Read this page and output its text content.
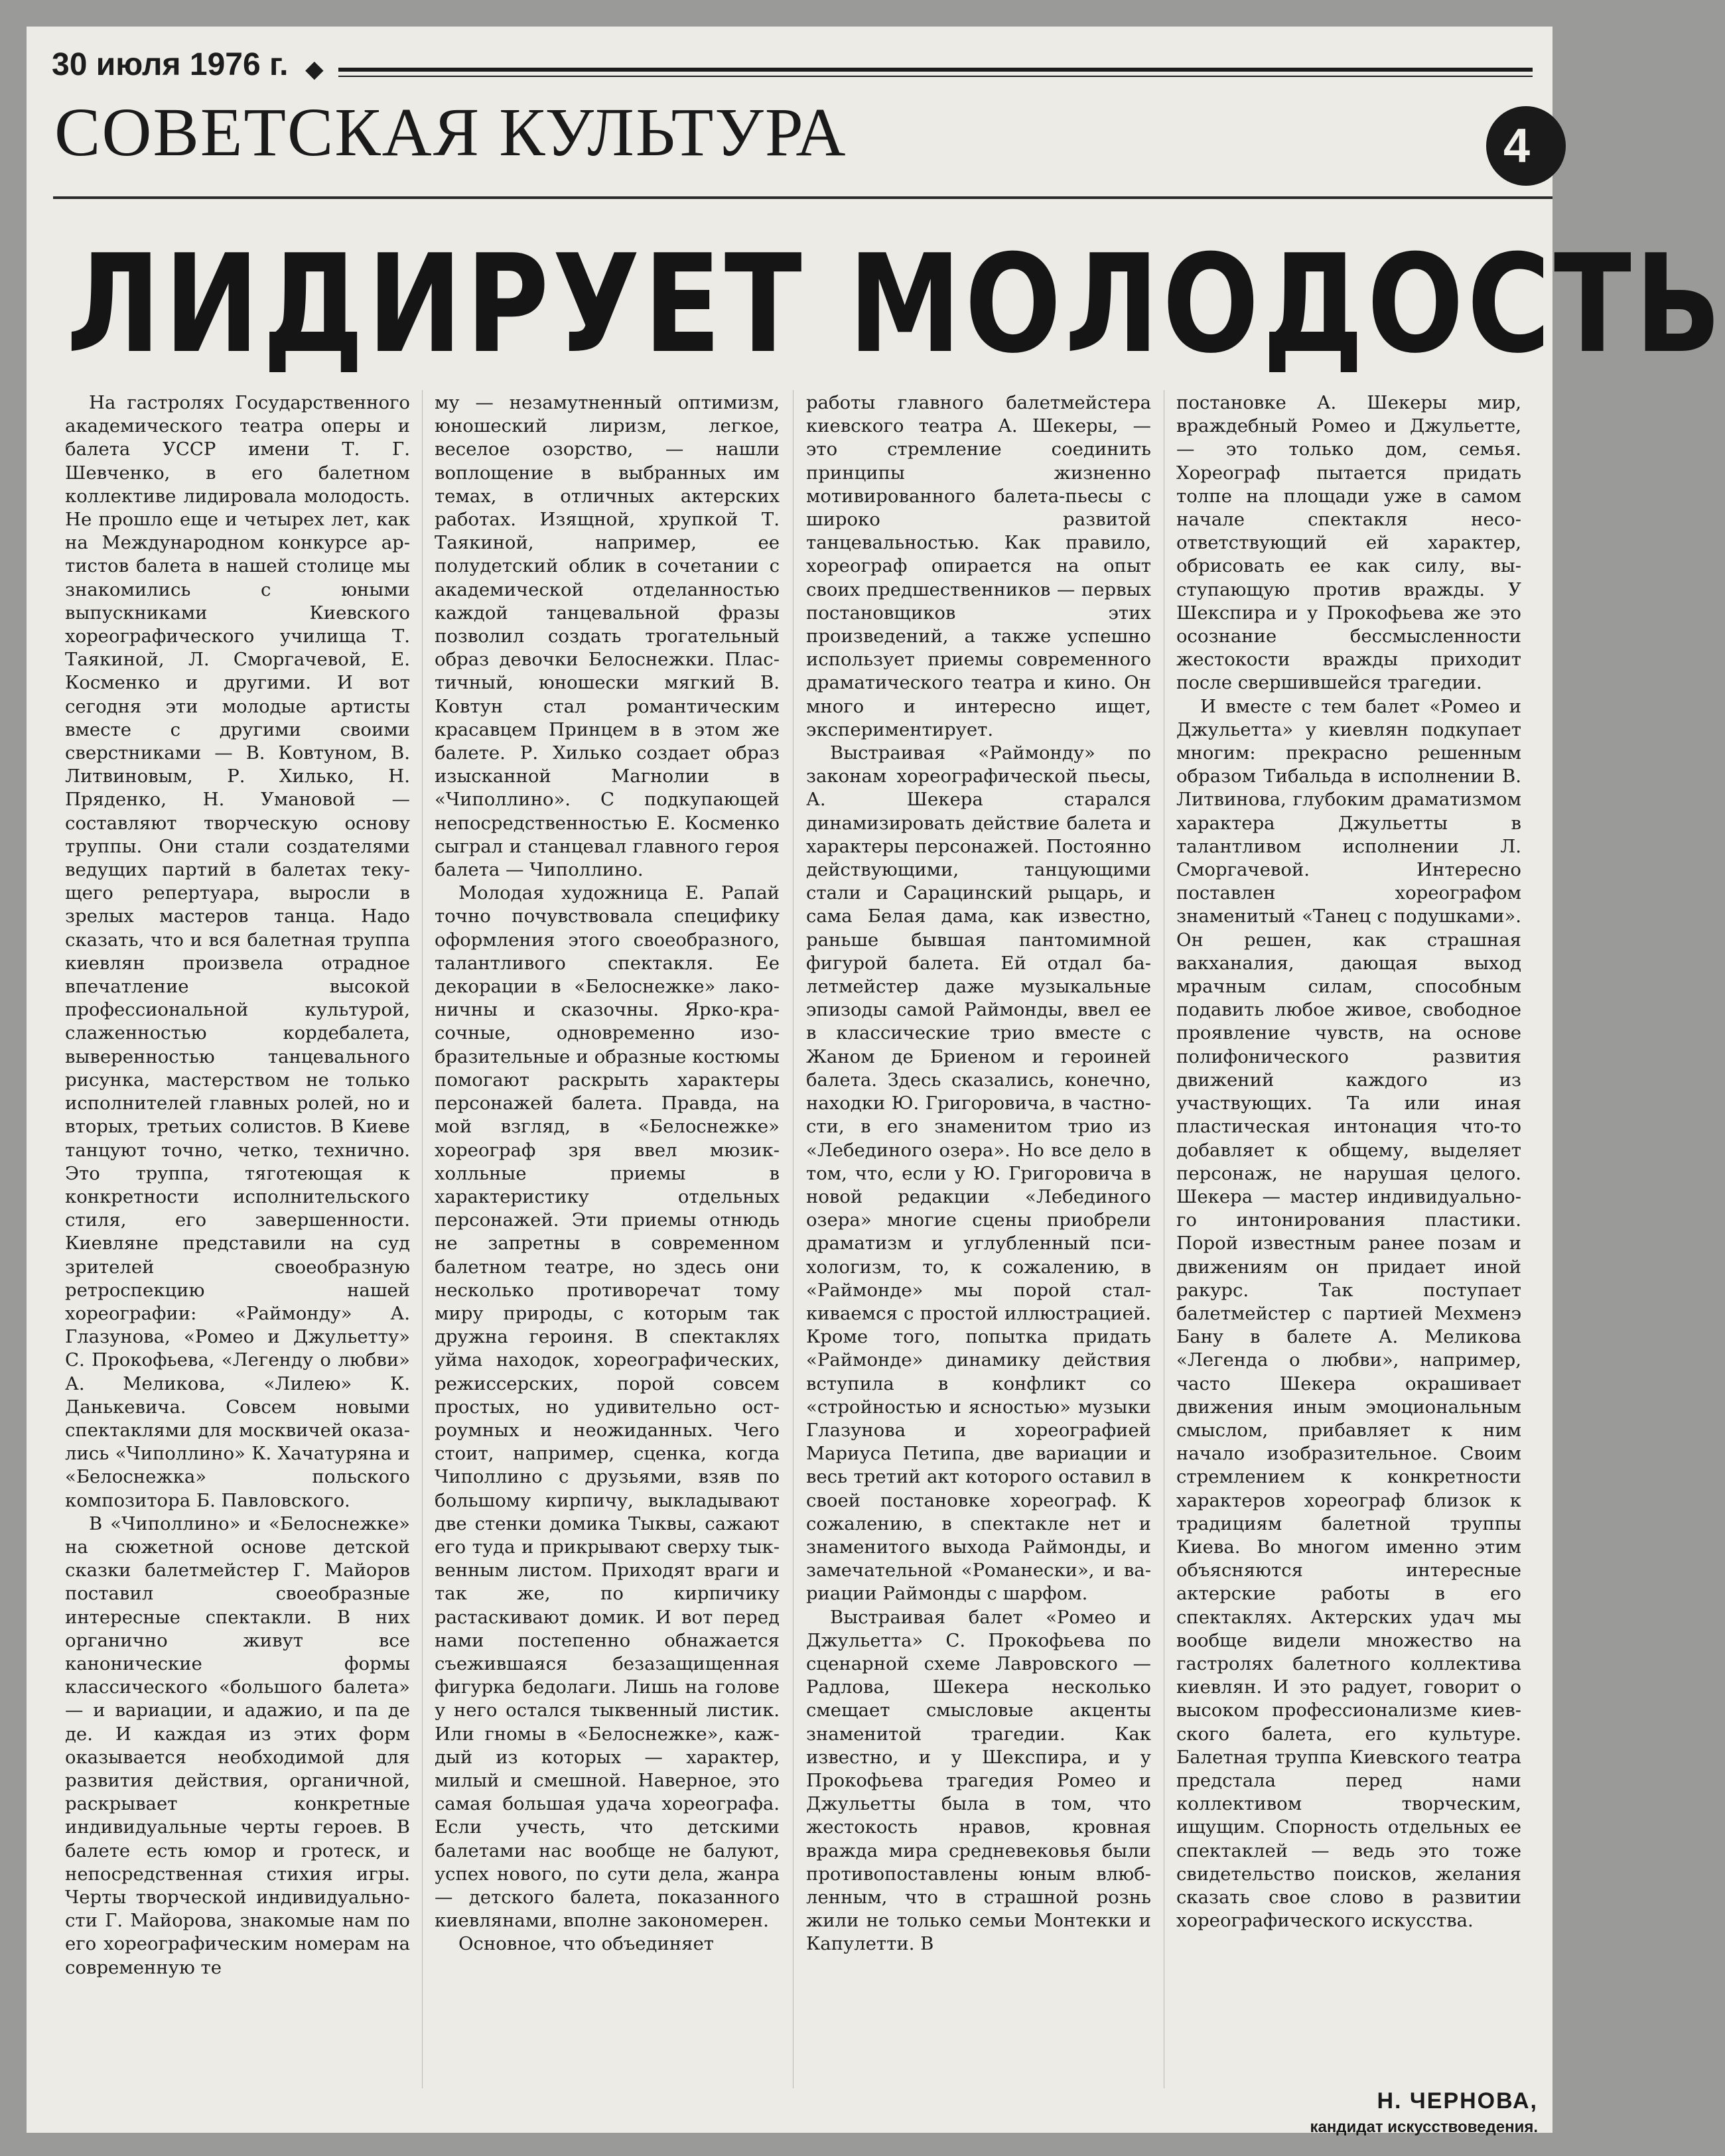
30 июля 1976 г. ◆
СОВЕТСКАЯ КУЛЬТУРА	4
ЛИДИРУЕТ МОЛОДОСТЬ

На гастролях Государственного академического театра оперы и балета УССР имени Т. Г. Шевченко, в его балетном коллективе лидировала молодость. Не прошло еще и четырех лет, как на Международном конкурсе артистов балета в нашей столице мы знакомились с юными выпускниками Киевского хореографического училища Т. Таякиной, Л. Сморгачевой, Е. Косменко и другими. И вот сегодня эти молодые артисты вместе с другими своими сверстниками — В. Ковтуном, В. Литвиновым, Р. Хилько, Н. Пряденко, Н. Умановой — составляют творческую основу труппы. Они стали создателями ведущих партий в балетах текущего репертуара, выросли в зрелых мастеров танца. Надо сказать, что и вся балетная труппа киевлян произвела отрадное впечатление высокой профессиональной культурой, слаженностью кордебалета, выверенностью танцевального рисунка, мастерством не только исполнителей главных ролей, но и вторых, третьих солистов. В Киеве танцуют точно, четко, технично. Это труппа, тяготеющая к конкретности исполнительского стиля, его завершенности. Киевляне представили на суд зрителей своеобразную ретроспекцию нашей хореографии: «Раймонду» А. Глазунова, «Ромео и Джульетту» С. Прокофьева, «Легенду о любви» А. Меликова, «Лилею» К. Данькевича. Совсем новыми спектаклями для москвичей оказались «Чиполлино» К. Хачатуряна и «Белоснежка» польского композитора Б. Павловского.

В «Чиполлино» и «Белоснежке» на сюжетной основе детской сказки балетмейстер Г. Майоров поставил своеобразные интересные спектакли. В них органично живут все канонические формы классического «большого балета» — и вариации, и адажио, и па де де. И каждая из этих форм оказывается необходимой для развития действия, органичной, раскрывает конкретные индивидуальные черты героев. В балете есть юмор и гротеск, и непосредственная стихия игры. Черты творческой индивидуальности Г. Майорова, знакомые нам по его хореографическим номерам на современную те

му — незамутненный оптимизм, юношеский лиризм, легкое, веселое озорство, — нашли воплощение в выбранных им темах, в отличных актерских работах. Изящной, хрупкой Т. Таякиной, например, ее полудетский облик в сочетании с академической отделанностью каждой танцевальной фразы позволил создать трогательный образ девочки Белоснежки. Пластичный, юношески мягкий В. Ковтун стал романтическим красавцем Принцем в в этом же балете. Р. Хилько создает образ изысканной Магнолии в «Чиполлино». С подкупающей непосредственностью Е. Косменко сыграл и станцевал главного героя балета — Чиполлино.

Молодая художница Е. Рапай точно почувствовала специфику оформления этого своеобразного, талантливого спектакля. Ее декорации в «Белоснежке» лаконичны и сказочны. Ярко-красочные, одновременно изобразительные и образные костюмы помогают раскрыть характеры персонажей балета. Правда, на мой взгляд, в «Белоснежке» хореограф зря ввел мюзик-холльные приемы в характеристику отдельных персонажей. Эти приемы отнюдь не запретны в современном балетном театре, но здесь они несколько противоречат тому миру природы, с которым так дружна героиня. В спектаклях уйма находок, хореографических, режиссерских, порой совсем простых, но удивительно остроумных и неожиданных. Чего стоит, например, сценка, когда Чиполлино с друзьями, взяв по большому кирпичу, выкладывают две стенки домика Тыквы, сажают его туда и прикрывают сверху тыквенным листом. Приходят враги и так же, по кирпичику растаскивают домик. И вот перед нами постепенно обнажается съежившаяся безазащищенная фигурка бедолаги. Лишь на голове у него остался тыквенный листик. Или гномы в «Белоснежке», каждый из которых — характер, милый и смешной. Наверное, это самая большая удача хореографа. Если учесть, что детскими балетами нас вообще не балуют, успех нового, по сути дела, жанра — детского балета, показанного киевлянами, вполне закономерен.

Основное, что объединяет

работы главного балетмейстера киевского театра А. Шекеры, — это стремление соединить принципы жизненно мотивированного балета-пьесы с широко развитой танцевальностью. Как правило, хореограф опирается на опыт своих предшественников — первых постановщиков этих произведений, а также успешно использует приемы современного драматического театра и кино. Он много и интересно ищет, экспериментирует.

Выстраивая «Раймонду» по законам хореографической пьесы, А. Шекера старался динамизировать действие балета и характеры персонажей. Постоянно действующими, танцующими стали и Сарацинский рыцарь, и сама Белая дама, как известно, раньше бывшая пантомимной фигурой балета. Ей отдал балетмейстер даже музыкальные эпизоды самой Раймонды, ввел ее в классические трио вместе с Жаном де Бриеном и героиней балета. Здесь сказались, конечно, находки Ю. Григоровича, в частности, в его знаменитом трио из «Лебединого озера». Но все дело в том, что, если у Ю. Григоровича в новой редакции «Лебединого озера» многие сцены приобрели драматизм и углубленный психологизм, то, к сожалению, в «Раймонде» мы порой сталкиваемся с простой иллюстрацией. Кроме того, попытка придать «Раймонде» динамику действия вступила в конфликт со «стройностью и ясностью» музыки Глазунова и хореографией Мариуса Петипа, две вариации и весь третий акт которого оставил в своей постановке хореограф. К сожалению, в спектакле нет и знаменитого выхода Раймонды, и замечательной «Романески», и вариации Раймонды с шарфом.

Выстраивая балет «Ромео и Джульетта» С. Прокофьева по сценарной схеме Лавровского — Радлова, Шекера несколько смещает смысловые акценты знаменитой трагедии. Как известно, и у Шекспира, и у Прокофьева трагедия Ромео и Джульетты была в том, что жестокость нравов, кровная вражда мира средневековья были противопоставлены юным влюбленным, что в страшной рознь жили не только семьи Монтекки и Капулетти. В

постановке А. Шекеры мир, враждебный Ромео и Джульетте, — это только дом, семья. Хореограф пытается придать толпе на площади уже в самом начале спектакля несоответствующий ей характер, обрисовать ее как силу, выступающую против вражды. У Шекспира и у Прокофьева же это осознание бессмысленности жестокости вражды приходит после свершившейся трагедии.

И вместе с тем балет «Ромео и Джульетта» у киевлян подкупает многим: прекрасно решенным образом Тибальда в исполнении В. Литвинова, глубоким драматизмом характера Джульетты в талантливом исполнении Л. Сморгачевой. Интересно поставлен хореографом знаменитый «Танец с подушками». Он решен, как страшная вакханалия, дающая выход мрачным силам, способным подавить любое живое, свободное проявление чувств, на основе полифонического развития движений каждого из участвующих. Та или иная пластическая интонация что-то добавляет к общему, выделяет персонаж, не нарушая целого. Шекера — мастер индивидуального интонирования пластики. Порой известным ранее позам и движениям он придает иной ракурс. Так поступает балетмейстер с партией Мехменэ Бану в балете А. Меликова «Легенда о любви», например, часто Шекера окрашивает движения иным эмоциональным смыслом, прибавляет к ним начало изобразительное. Своим стремлением к конкретности характеров хореограф близок к традициям балетной труппы Киева. Во многом именно этим объясняются интересные актерские работы в его спектаклях. Актерских удач мы вообще видели множество на гастролях балетного коллектива киевлян. И это радует, говорит о высоком профессионализме киевского балета, его культуре. Балетная труппа Киевского театра предстала перед нами коллективом творческим, ищущим. Спорность отдельных ее спектаклей — ведь это тоже свидетельство поисков, желания сказать свое слово в развитии хореографического искусства.

Н. ЧЕРНОВА,
кандидат искусствоведения.
